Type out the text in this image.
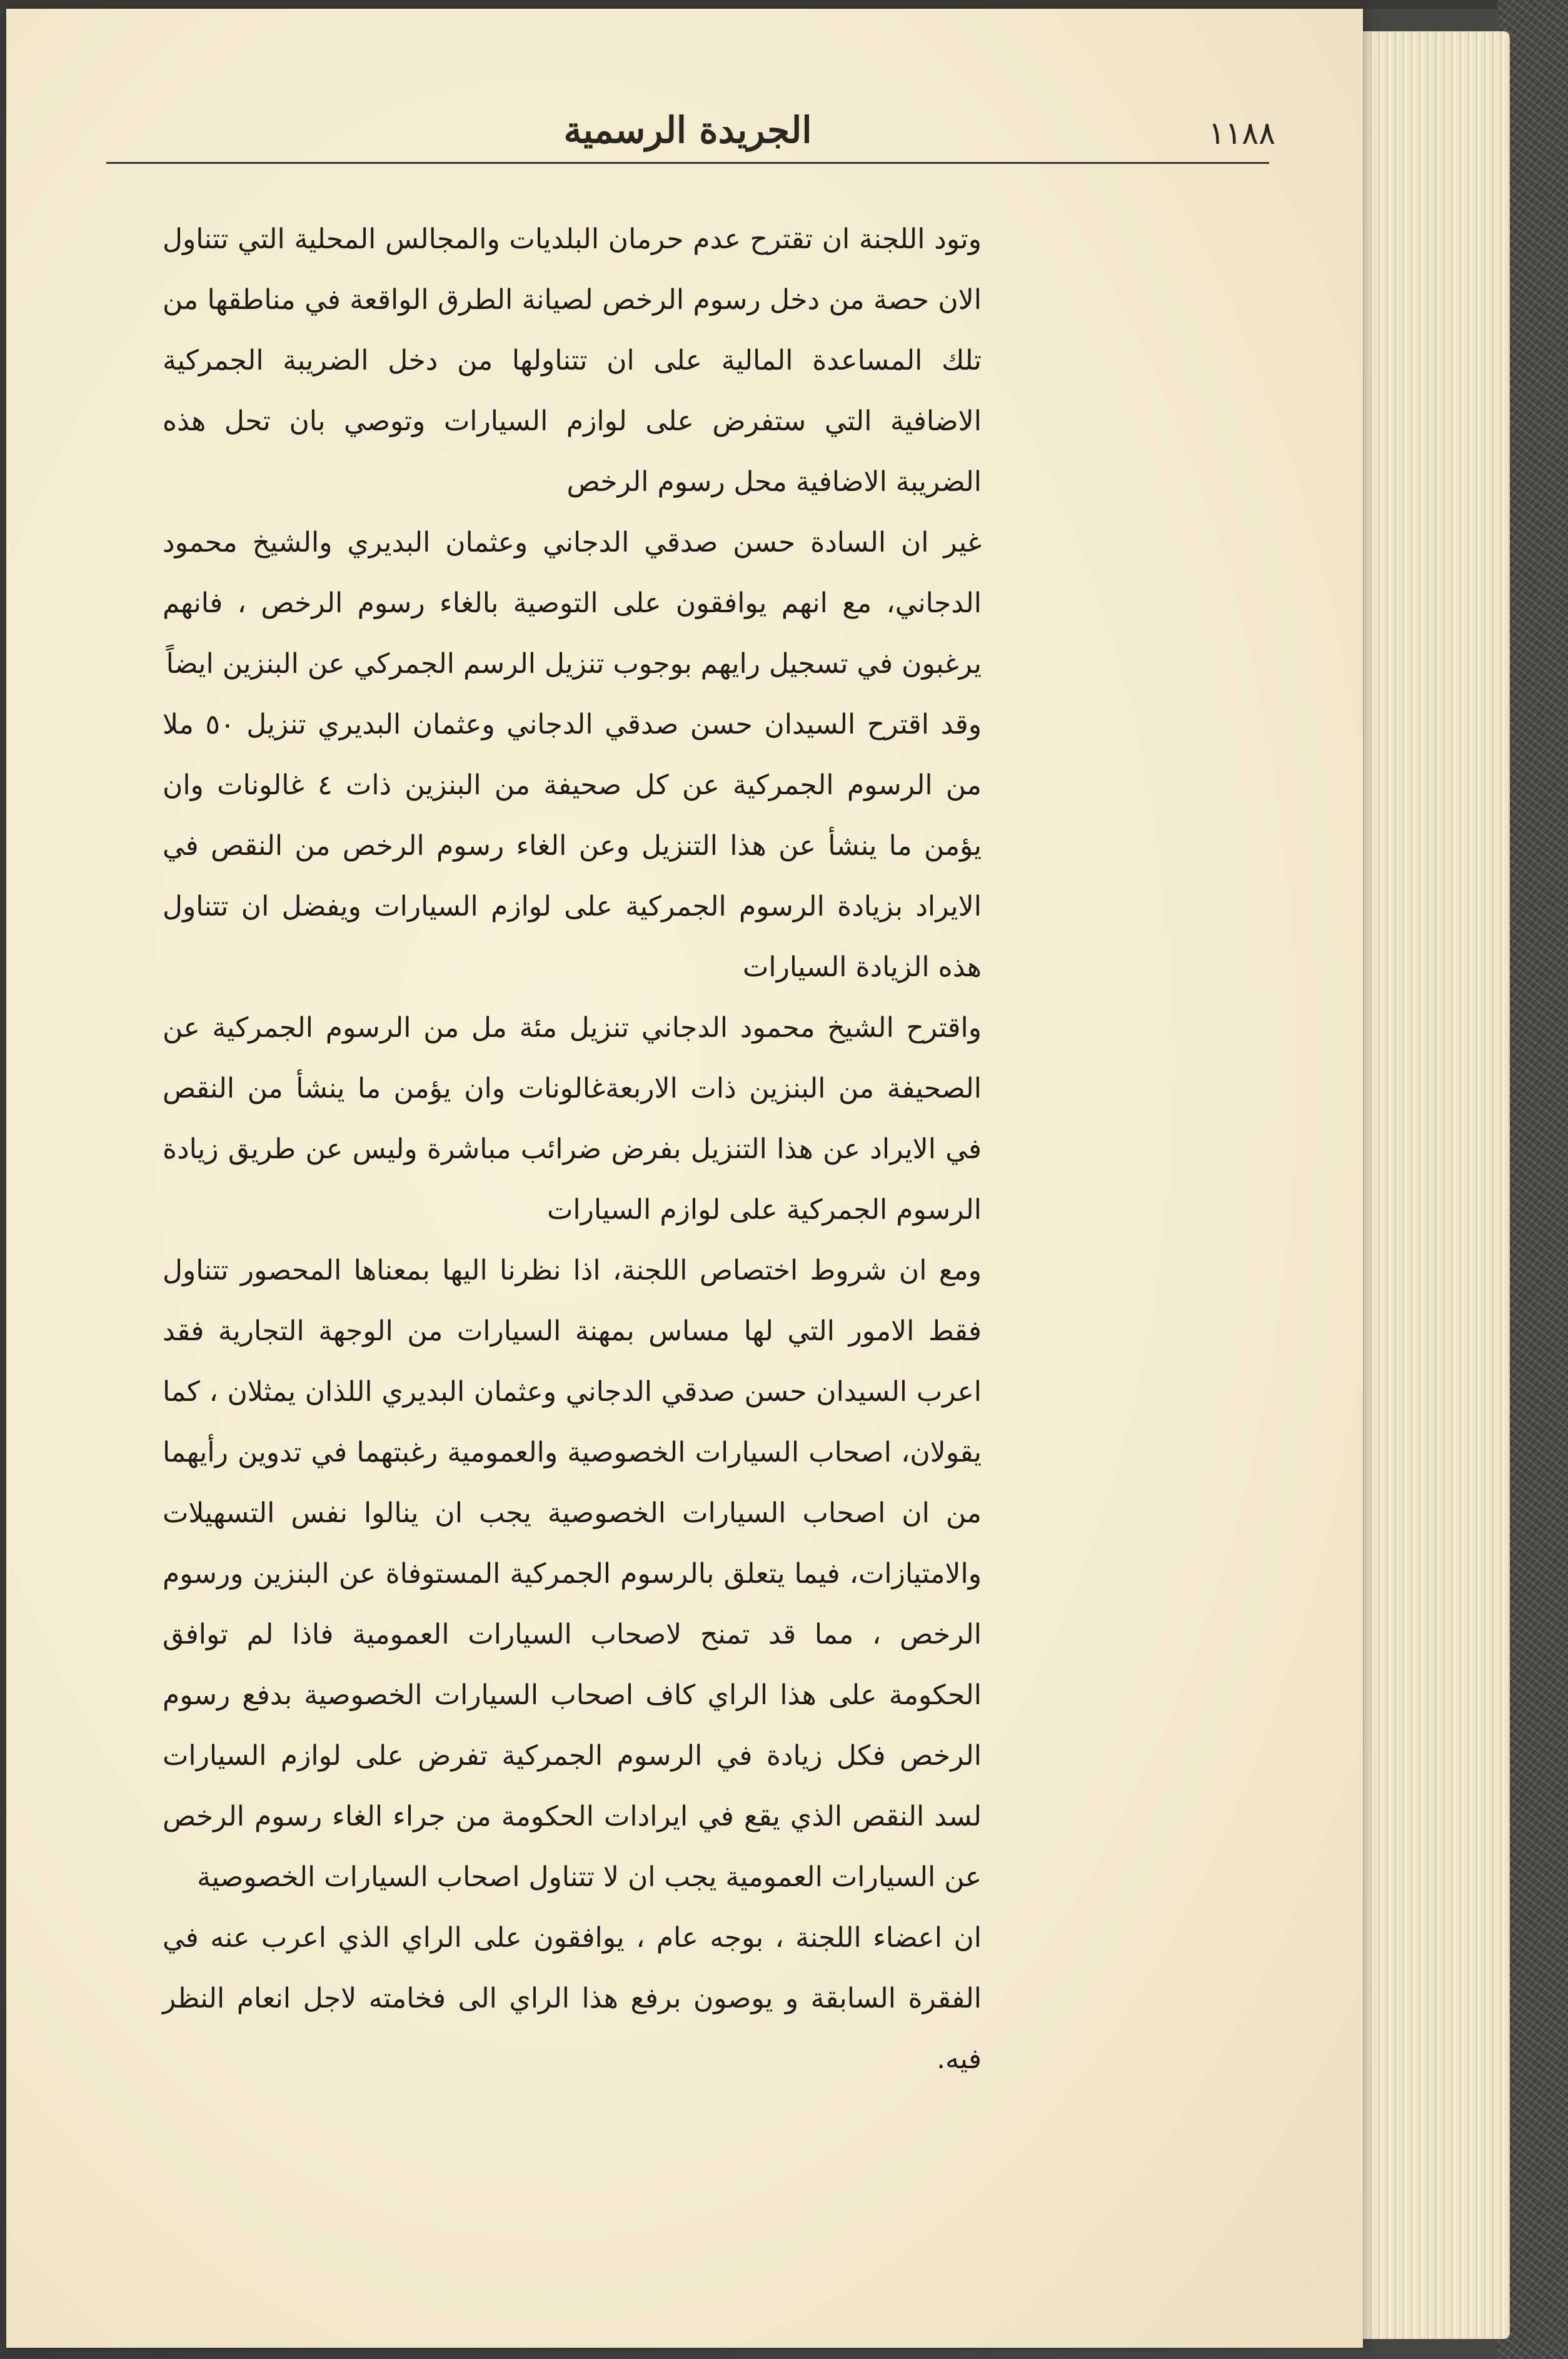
١١٨٨
الجريدة الرسمية

وتود اللجنة ان تقترح عدم حرمان البلديات والمجالس المحلية التي تتناول الان حصة من دخل رسوم الرخص لصيانة الطرق الواقعة في مناطقها من تلك المساعدة المالية على ان تتناولها من دخل الضريبة الجمركية الاضافية التي ستفرض على لوازم السيارات وتوصي بان تحل هذه الضريبة الاضافية محل رسوم الرخص

غير ان السادة حسن صدقي الدجاني وعثمان البديري والشيخ محمود الدجاني، مع انهم يوافقون على التوصية بالغاء رسوم الرخص ، فانهم يرغبون في تسجيل رايهم بوجوب تنزيل الرسم الجمركي عن البنزين ايضاً

وقد اقترح السيدان حسن صدقي الدجاني وعثمان البديري تنزيل ٥٠ ملا من الرسوم الجمركية عن كل صحيفة من البنزين ذات ٤ غالونات وان يؤمن ما ينشأ عن هذا التنزيل وعن الغاء رسوم الرخص من النقص في الايراد بزيادة الرسوم الجمركية على لوازم السيارات ويفضل ان تتناول هذه الزيادة السيارات

واقترح الشيخ محمود الدجاني تنزيل مئة مل من الرسوم الجمركية عن الصحيفة من البنزين ذات الاربعةغالونات وان يؤمن ما ينشأ من النقص في الايراد عن هذا التنزيل بفرض ضرائب مباشرة وليس عن طريق زيادة الرسوم الجمركية على لوازم السيارات

ومع ان شروط اختصاص اللجنة، اذا نظرنا اليها بمعناها المحصور تتناول فقط الامور التي لها مساس بمهنة السيارات من الوجهة التجارية فقد اعرب السيدان حسن صدقي الدجاني وعثمان البديري اللذان يمثلان ، كما يقولان، اصحاب السيارات الخصوصية والعمومية رغبتهما في تدوين رأيهما من ان اصحاب السيارات الخصوصية يجب ان ينالوا نفس التسهيلات والامتيازات، فيما يتعلق بالرسوم الجمركية المستوفاة عن البنزين ورسوم الرخص ، مما قد تمنح لاصحاب السيارات العمومية فاذا لم توافق الحكومة على هذا الراي كاف اصحاب السيارات الخصوصية بدفع رسوم الرخص فكل زيادة في الرسوم الجمركية تفرض على لوازم السيارات لسد النقص الذي يقع في ايرادات الحكومة من جراء الغاء رسوم الرخص عن السيارات العمومية يجب ان لا تتناول اصحاب السيارات الخصوصية

ان اعضاء اللجنة ، بوجه عام ، يوافقون على الراي الذي اعرب عنه في الفقرة السابقة و يوصون برفع هذا الراي الى فخامته لاجل انعام النظر فيه.
